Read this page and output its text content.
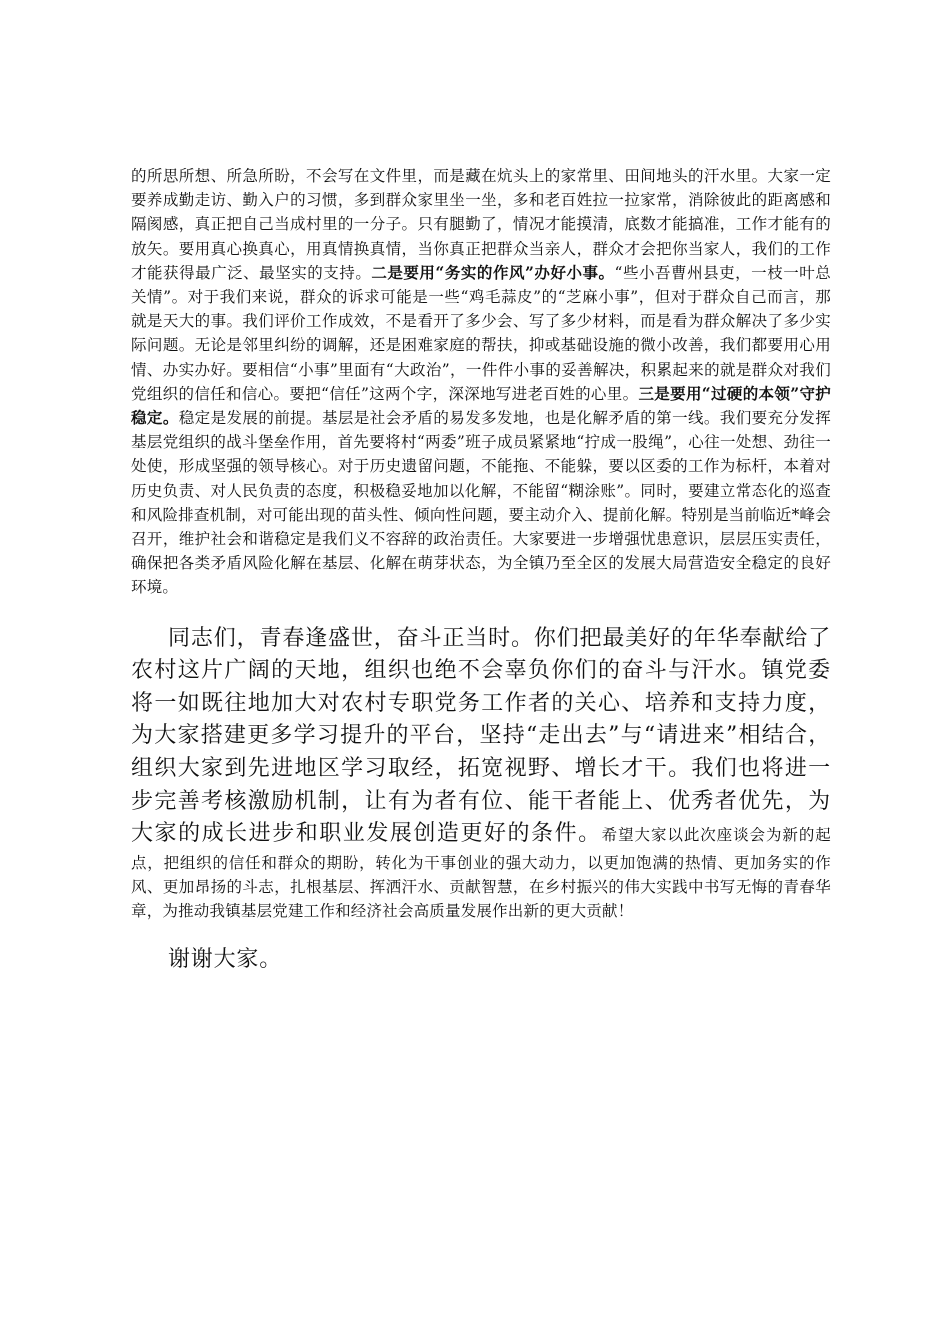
的所思所想、所急所盼，不会写在文件里，而是藏在炕头上的家常里、田间地头的汗水里。大家一定要养成勤走访、勤入户的习惯，多到群众家里坐一坐，多和老百姓拉一拉家常，消除彼此的距离感和隔阂感，真正把自己当成村里的一分子。只有腿勤了，情况才能摸清，底数才能搞准，工作才能有的放矢。要用真心换真心，用真情换真情，当你真正把群众当亲人，群众才会把你当家人，我们的工作才能获得最广泛、最坚实的支持。二是要用“务实的作风”办好小事。“些小吾曹州县吏，一枝一叶总关情”。对于我们来说，群众的诉求可能是一些“鸡毛蒜皮”的“芝麻小事”，但对于群众自己而言，那就是天大的事。我们评价工作成效，不是看开了多少会、写了多少材料，而是看为群众解决了多少实际问题。无论是邻里纠纷的调解，还是困难家庭的帮扶，抑或基础设施的微小改善，我们都要用心用情、办实办好。要相信“小事”里面有“大政治”，一件件小事的妥善解决，积累起来的就是群众对我们党组织的信任和信心。要把“信任”这两个字，深深地写进老百姓的心里。三是要用“过硬的本领”守护稳定。稳定是发展的前提。基层是社会矛盾的易发多发地，也是化解矛盾的第一线。我们要充分发挥基层党组织的战斗堡垒作用，首先要将村“两委”班子成员紧紧地“拧成一股绳”，心往一处想、劲往一处使，形成坚强的领导核心。对于历史遗留问题，不能拖、不能躲，要以区委的工作为标杆，本着对历史负责、对人民负责的态度，积极稳妥地加以化解，不能留“糊涂账”。同时，要建立常态化的巡查和风险排查机制，对可能出现的苗头性、倾向性问题，要主动介入、提前化解。特别是当前临近*峰会召开，维护社会和谐稳定是我们义不容辞的政治责任。大家要进一步增强忧患意识，层层压实责任，确保把各类矛盾风险化解在基层、化解在萌芽状态，为全镇乃至全区的发展大局营造安全稳定的良好环境。

同志们，青春逢盛世，奋斗正当时。你们把最美好的年华奉献给了农村这片广阔的天地，组织也绝不会辜负你们的奋斗与汗水。镇党委将一如既往地加大对农村专职党务工作者的关心、培养和支持力度，为大家搭建更多学习提升的平台，坚持“走出去”与“请进来”相结合，组织大家到先进地区学习取经，拓宽视野、增长才干。我们也将进一步完善考核激励机制，让有为者有位、能干者能上、优秀者优先，为大家的成长进步和职业发展创造更好的条件。希望大家以此次座谈会为新的起点，把组织的信任和群众的期盼，转化为干事创业的强大动力，以更加饱满的热情、更加务实的作风、更加昂扬的斗志，扎根基层、挥洒汗水、贡献智慧，在乡村振兴的伟大实践中书写无悔的青春华章，为推动我镇基层党建工作和经济社会高质量发展作出新的更大贡献！

谢谢大家。
